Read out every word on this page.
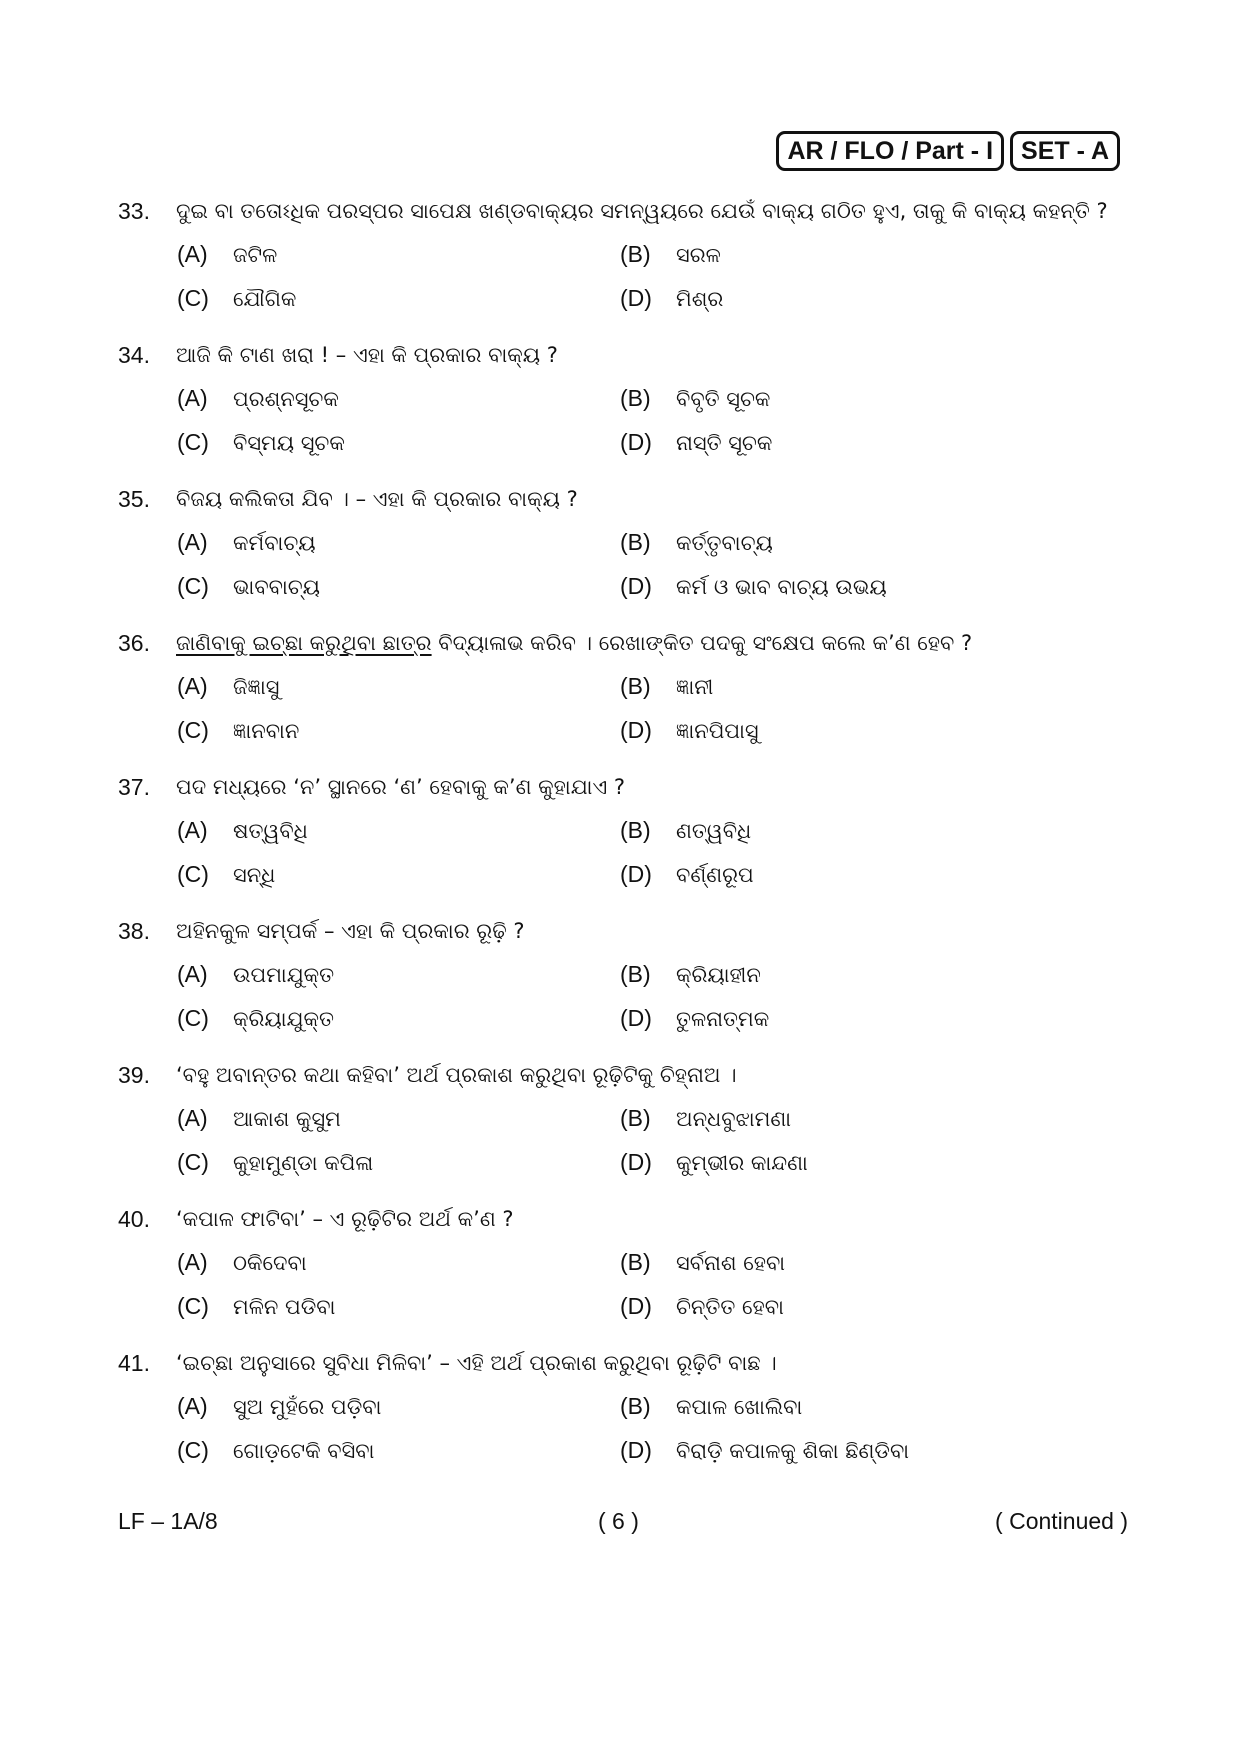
AR / FLO / Part - I	SET - A
33. ଦୁଇ ବା ତତୋଽଧିକ ପରସ୍ପର ସାପେକ୍ଷ ଖଣ୍ଡବାକ୍ୟର ସମନ୍ୱୟରେ ଯେଉଁ ବାକ୍ୟ ଗଠିତ ହୁଏ, ତାକୁ କି ବାକ୍ୟ କହନ୍ତି ?
(A) ଜଟିଳ	(B) ସରଳ
(C) ଯୌଗିକ	(D) ମିଶ୍ର
34. ଆଜି କି ଟାଣ ଖରା ! – ଏହା କି ପ୍ରକାର ବାକ୍ୟ ?
(A) ପ୍ରଶ୍ନସୂଚକ	(B) ବିବୃତି ସୂଚକ
(C) ବିସ୍ମୟ ସୂଚକ	(D) ନାସ୍ତି ସୂଚକ
35. ବିଜୟ କଲିକତା ଯିବ । – ଏହା କି ପ୍ରକାର ବାକ୍ୟ ?
(A) କର୍ମବାଚ୍ୟ	(B) କର୍ତ୍ତୃବାଚ୍ୟ
(C) ଭାବବାଚ୍ୟ	(D) କର୍ମ ଓ ଭାବ ବାଚ୍ୟ ଉଭୟ
36. ଜାଣିବାକୁ ଇଚ୍ଛା କରୁଥିବା ଛାତ୍ର ବିଦ୍ୟାଳାଭ କରିବ । ରେଖାଙ୍କିତ ପଦକୁ ସଂକ୍ଷେପ କଲେ କ’ଣ ହେବ ?
(A) ଜିଜ୍ଞାସୁ	(B) ଜ୍ଞାନୀ
(C) ଜ୍ଞାନବାନ	(D) ଜ୍ଞାନପିପାସୁ
37. ପଦ ମଧ୍ୟରେ ‘ନ’ ସ୍ଥାନରେ ‘ଣ’ ହେବାକୁ କ’ଣ କୁହାଯାଏ ?
(A) ଷତ୍ୱବିଧି	(B) ଣତ୍ୱବିଧି
(C) ସନ୍ଧି	(D) ବର୍ଣ୍ଣରୂପ
38. ଅହିନକୁଳ ସମ୍ପର୍କ – ଏହା କି ପ୍ରକାର ରୂଢ଼ି ?
(A) ଉପମାଯୁକ୍ତ	(B) କ୍ରିୟାହୀନ
(C) କ୍ରିୟାଯୁକ୍ତ	(D) ତୁଳନାତ୍ମକ
39. ‘ବହୁ ଅବାନ୍ତର କଥା କହିବା’ ଅର୍ଥ ପ୍ରକାଶ କରୁଥିବା ରୂଢ଼ିଟିକୁ ଚିହ୍ନାଅ ।
(A) ଆକାଶ କୁସୁମ	(B) ଅନ୍ଧବୁଝାମଣା
(C) କୁହାମୁଣ୍ଡା କପିଳା	(D) କୁମ୍ଭୀର କାନ୍ଦଣା
40. ‘କପାଳ ଫାଟିବା’ – ଏ ରୂଢ଼ିଟିର ଅର୍ଥ କ’ଣ ?
(A) ଠକିଦେବା	(B) ସର୍ବନାଶ ହେବା
(C) ମଳିନ ପଡିବା	(D) ଚିନ୍ତିତ ହେବା
41. ‘ଇଚ୍ଛା ଅନୁସାରେ ସୁବିଧା ମିଳିବା’ – ଏହି ଅର୍ଥ ପ୍ରକାଶ କରୁଥିବା ରୂଢ଼ିଟି ବାଛ ।
(A) ସୁଅ ମୁହଁରେ ପଡ଼ିବା	(B) କପାଳ ଖୋଲିବା
(C) ଗୋଡ଼ଟେକି ବସିବା	(D) ବିରାଡ଼ି କପାଳକୁ ଶିକା ଛିଣ୍ଡିବା
LF – 1A/8	( 6 )	( Continued )
